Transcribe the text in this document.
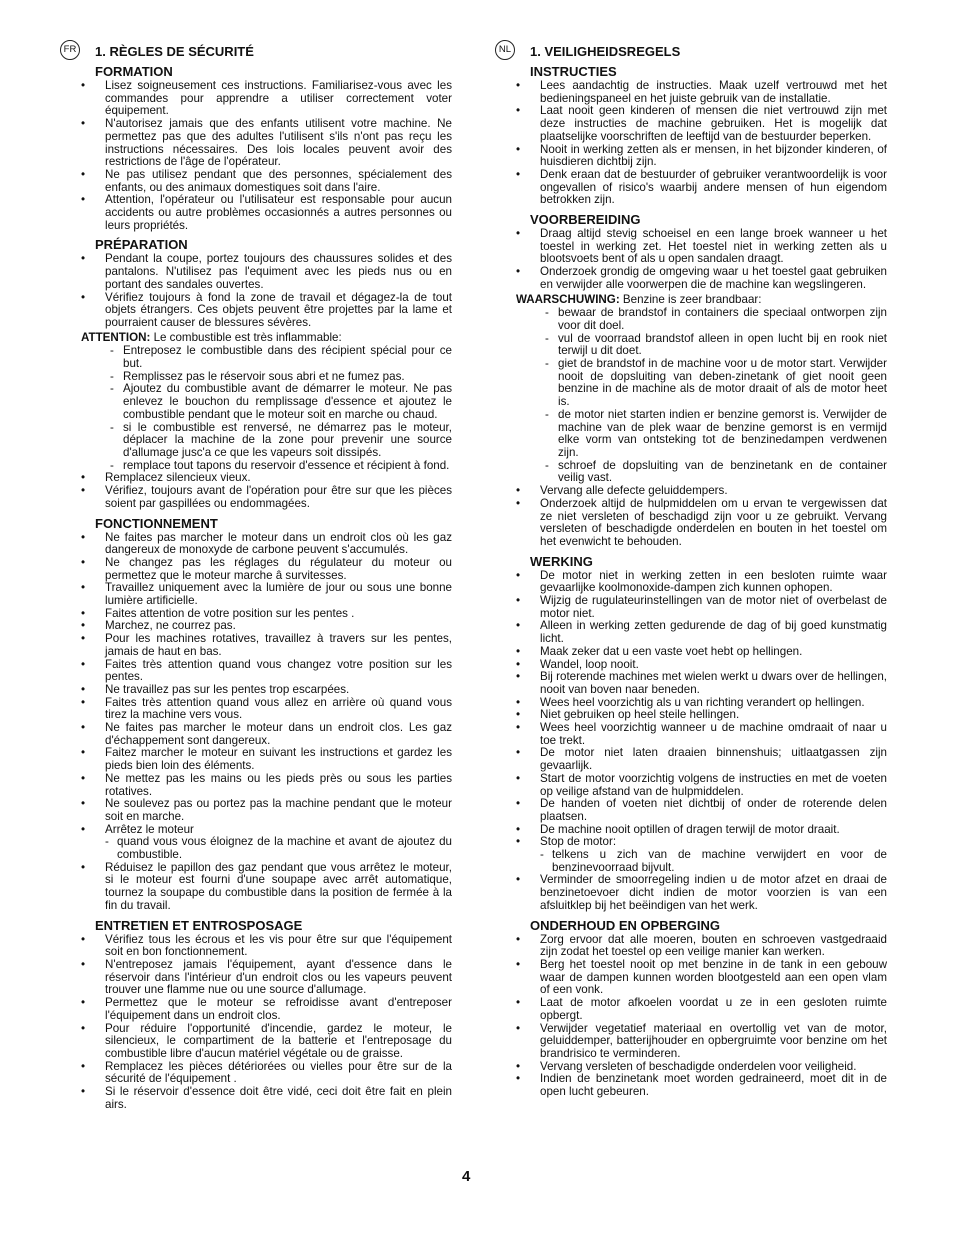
FR 1. RÈGLES DE SÉCURITÉ
FORMATION
• Lisez soigneusement ces instructions. Familiarisez-vous avec les commandes pour apprendre a utiliser correctement voter équipement.
• N'autorisez jamais que des enfants utilisent votre machine. Ne permettez pas que des adultes l'utilisent s'ils n'ont pas reçu les instructions nécessaires. Des lois locales peuvent avoir des restrictions de l'âge de l'opérateur.
• Ne pas utilisez pendant que des personnes, spécialement des enfants, ou des animaux domestiques soit dans l'aire.
• Attention, l'opérateur ou l'utilisateur est responsable pour aucun accidents ou autre problèmes occasionnés a autres personnes ou leurs propriétés.
PRÉPARATION
• Pendant la coupe, portez toujours des chaussures solides et des pantalons. N'utilisez pas l'equiment avec les pieds nus ou en portant des sandales ouvertes.
• Vérifiez toujours à fond la zone de travail et dégagez-la de tout objets étrangers. Ces objets peuvent être projettes par la lame et pourraient causer de blessures sévères.
ATTENTION: Le combustible est très inflammable:
- Entreposez le combustible dans des récipient spécial pour ce but.
- Remplissez pas le réservoir sous abri et ne fumez pas.
- Ajoutez du combustible avant de démarrer le moteur. Ne pas enlevez le bouchon du remplissage d'essence et ajoutez le combustible pendant que le moteur soit en marche ou chaud.
- si le combustible est renversé, ne démarrez pas le moteur, déplacer la machine de la zone pour prevenir une source d'allumage jusc'a ce que les vapeurs soit dissipés.
- remplace tout tapons du reservoir d'essence et récipient à fond.
• Remplacez silencieux vieux.
• Vérifiez, toujours avant de l'opération pour être sur que les pièces soient par gaspillées ou endommagées.
FONCTIONNEMENT
• Ne faites pas marcher le moteur dans un endroit clos où les gaz dangereux de monoxyde de carbone peuvent s'accumulés.
• Ne changez pas les réglages du régulateur du moteur ou permettez que le moteur marche â survitesses.
• Travaillez uniquement avec la lumière de jour ou sous une bonne lumière artificielle.
• Faites attention de votre position sur les pentes .
• Marchez, ne courrez pas.
• Pour les machines rotatives, travaillez à travers sur les pentes, jamais de haut en bas.
• Faites très attention quand vous changez votre position sur les pentes.
• Ne travaillez pas sur les pentes trop escarpées.
• Faites très attention quand vous allez en arrière où quand vous tirez la machine vers vous.
• Ne faites pas marcher le moteur dans un endroit clos. Les gaz d'échappement sont dangereux.
• Faitez marcher le moteur en suivant les instructions et gardez les pieds bien loin des éléments.
• Ne mettez pas les mains ou les pieds près ou sous les parties rotatives.
• Ne soulevez pas ou portez pas la machine pendant que le moteur soit en marche.
• Arrêtez le moteur
- quand vous vous éloignez de la machine et avant de ajoutez du combustible.
• Réduisez le papillon des gaz pendant que vous arrêtez le moteur, si le moteur est fourni d'une soupape avec arrêt automatique, tournez la soupape du combustible dans la position de fermée à la fin du travail.
ENTRETIEN ET ENTROSPOSAGE
• Vérifiez tous les écrous et les vis pour être sur que l'équipement soit en bon fonctionnement.
• N'entreposez jamais l'équipement, ayant d'essence dans le réservoir dans l'intérieur d'un endroit clos ou les vapeurs peuvent trouver une flamme nue ou une source d'allumage.
• Permettez que le moteur se refroidisse avant d'entreposer l'équipement dans un endroit clos.
• Pour réduire l'opportunité d'incendie, gardez le moteur, le silencieux, le compartiment de la batterie et l'entreposage du combustible libre d'aucun matériel végétale ou de graisse.
• Remplacez les pièces détériorées ou vielles pour être sur de la sécurité de l'équipement .
• Si le réservoir d'essence doit être vidé, ceci doit être fait en plein airs.
NL	1. VEILIGHEIDSREGELS
INSTRUCTIES
• Lees aandachtig de instructies. Maak uzelf vertrouwd met het bedieningspaneel en het juiste gebruik van de installatie.
• Laat nooit geen kinderen of mensen die niet vertrouwd zijn met deze instructies de machine gebruiken. Het is mogelijk dat plaatselijke voorschriften de leeftijd van de bestuurder beperken.
• Nooit in werking zetten als er mensen, in het bijzonder kinderen, of huisdieren dichtbij zijn.
• Denk eraan dat de bestuurder of gebruiker verantwoordelijk is voor ongevallen of risico's waarbij andere mensen of hun eigendom betrokken zijn.
VOORBEREIDING
• Draag altijd stevig schoeisel en een lange broek wanneer u het toestel in werking zet. Het toestel niet in werking zetten als u blootsvoets bent of als u open sandalen draagt.
• Onderzoek grondig de omgeving waar u het toestel gaat gebruiken en verwijder alle voorwerpen die de machine kan wegslingeren.
WAARSCHUWING: Benzine is zeer brandbaar:
- bewaar de brandstof in containers die speciaal ontworpen zijn voor dit doel.
- vul de voorraad brandstof alleen in open lucht bij en rook niet terwijl u dit doet.
- giet de brandstof in de machine voor u de motor start. Verwijder nooit de dopsluiting van deben-zinetank of giet nooit geen benzine in de machine als de motor draait of als de motor heet is.
- de motor niet starten indien er benzine gemorst is. Verwijder de machine van de plek waar de benzine gemorst is en vermijd elke vorm van ontsteking tot de benzinedampen verdwenen zijn.
- schroef de dopsluiting van de benzinetank en de container veilig vast.
• Vervang alle defecte geluiddempers.
• Onderzoek altijd de hulpmiddelen om u ervan te vergewissen dat ze niet versleten of beschadigd zijn voor u ze gebruikt. Vervang versleten of beschadigde onderdelen en bouten in het toestel om het evenwicht te behouden.
WERKING
• De motor niet in werking zetten in een besloten ruimte waar gevaarlijke koolmonoxide-dampen zich kunnen ophopen.
• Wijzig de rugulateurinstellingen van de motor niet of overbelast de motor niet.
• Alleen in werking zetten gedurende de dag of bij goed kunstmatig licht.
• Maak zeker dat u een vaste voet hebt op hellingen.
• Wandel, loop nooit.
• Bij roterende machines met wielen werkt u dwars over de hellingen, nooit van boven naar beneden.
• Wees heel voorzichtig als u van richting verandert op hellingen.
• Niet gebruiken op heel steile hellingen.
• Wees heel voorzichtig wanneer u de machine omdraait of naar u toe trekt.
• De motor niet laten draaien binnenshuis; uitlaatgassen zijn gevaarlijk.
• Start de motor voorzichtig volgens de instructies en met de voeten op veilige afstand van de hulpmiddelen.
• De handen of voeten niet dichtbij of onder de roterende delen plaatsen.
• De machine nooit optillen of dragen terwijl de motor draait.
• Stop de motor:
- telkens u zich van de machine verwijdert en voor de benzinevoorraad bijvult.
• Verminder de smoorregeling indien u de motor afzet en draai de benzinetoevoer dicht indien de motor voorzien is van een afsluitklep bij het beëindigen van het werk.
ONDERHOUD EN OPBERGING
• Zorg ervoor dat alle moeren, bouten en schroeven vastgedraaid zijn zodat het toestel op een veilige manier kan werken.
• Berg het toestel nooit op met benzine in de tank in een gebouw waar de dampen kunnen worden blootgesteld aan een open vlam of een vonk.
• Laat de motor afkoelen voordat u ze in een gesloten ruimte opbergt.
• Verwijder vegetatief materiaal en overtollig vet van de motor, geluiddemper, batterijhouder en opbergruimte voor benzine om het brandrisico te verminderen.
• Vervang versleten of beschadigde onderdelen voor veiligheid.
• Indien de benzinetank moet worden gedraineerd, moet dit in de open lucht gebeuren.
4
